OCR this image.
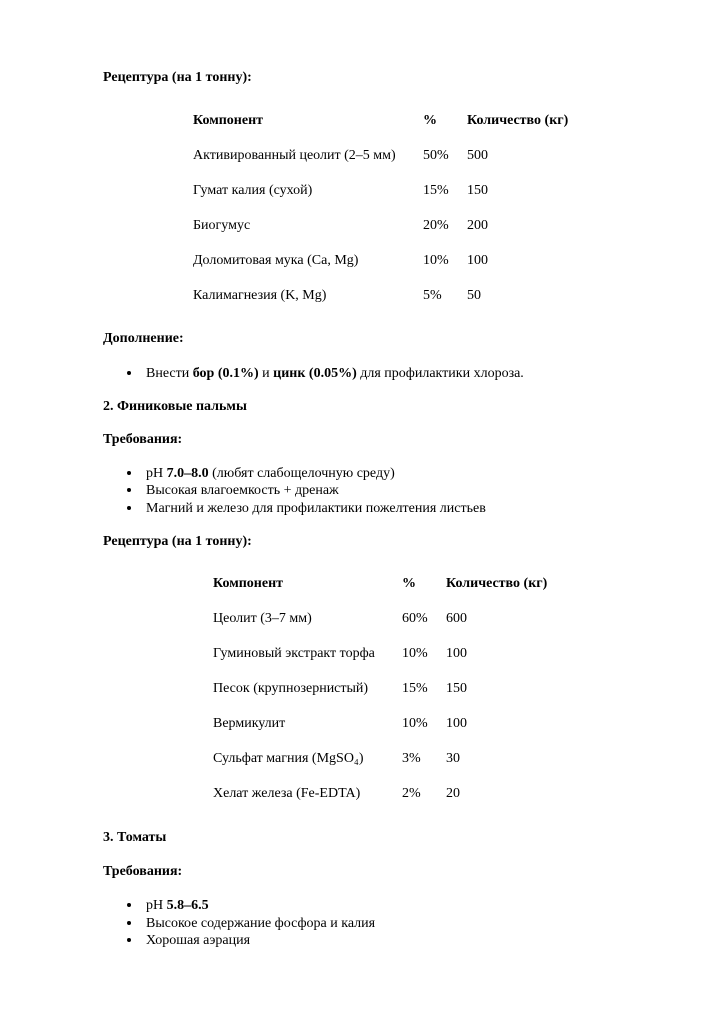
Рецептура (на 1 тонну):
Компонент	%	Количество (кг)
Активированный цеолит (2–5 мм)	50%	500
Гумат калия (сухой)	15%	150
Биогумус	20%	200
Доломитовая мука (Ca, Mg)	10%	100
Калимагнезия (K, Mg)	5%	50
Дополнение:
Внести бор (0.1%) и цинк (0.05%) для профилактики хлороза.
2. Финиковые пальмы
Требования:
pH 7.0–8.0 (любят слабощелочную среду)
Высокая влагоемкость + дренаж
Магний и железо для профилактики пожелтения листьев
Рецептура (на 1 тонну):
Компонент	%	Количество (кг)
Цеолит (3–7 мм)	60%	600
Гуминовый экстракт торфа	10%	100
Песок (крупнозернистый)	15%	150
Вермикулит	10%	100
Сульфат магния (MgSO₄)	3%	30
Хелат железа (Fe-EDTA)	2%	20
3. Томаты
Требования:
pH 5.8–6.5
Высокое содержание фосфора и калия
Хорошая аэрация
